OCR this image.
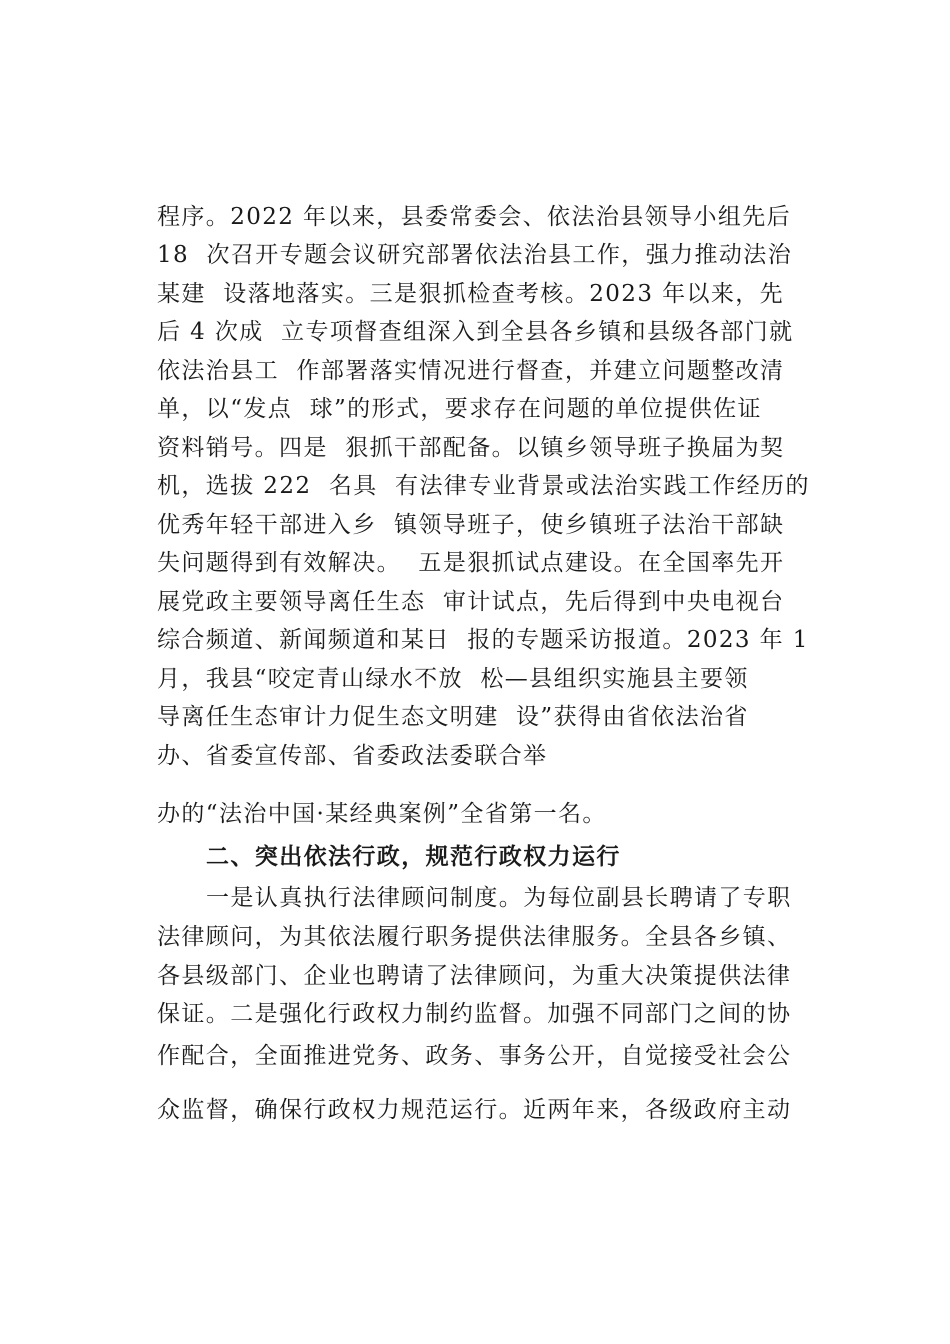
程序。2022 年以来，县委常委会、依法治县领导小组先后
18  次召开专题会议研究部署依法治县工作，强力推动法治
某建  设落地落实。三是狠抓检查考核。2023 年以来，先
后 4 次成  立专项督查组深入到全县各乡镇和县级各部门就
依法治县工  作部署落实情况进行督查，并建立问题整改清
单，以“发点  球”的形式，要求存在问题的单位提供佐证
资料销号。四是  狠抓干部配备。以镇乡领导班子换届为契
机，选拔 222  名具  有法律专业背景或法治实践工作经历的
优秀年轻干部进入乡  镇领导班子，使乡镇班子法治干部缺
失问题得到有效解决。  五是狠抓试点建设。在全国率先开
展党政主要领导离任生态  审计试点，先后得到中央电视台
综合频道、新闻频道和某日  报的专题采访报道。2023 年 1
月，我县“咬定青山绿水不放  松—县组织实施县主要领
导离任生态审计力促生态文明建  设”获得由省依法治省
办、省委宣传部、省委政法委联合举
办的“法治中国·某经典案例”全省第一名。
二、突出依法行政，规范行政权力运行
一是认真执行法律顾问制度。为每位副县长聘请了专职
法律顾问，为其依法履行职务提供法律服务。全县各乡镇、
各县级部门、企业也聘请了法律顾问，为重大决策提供法律
保证。二是强化行政权力制约监督。加强不同部门之间的协
作配合，全面推进党务、政务、事务公开，自觉接受社会公
众监督，确保行政权力规范运行。近两年来，各级政府主动
